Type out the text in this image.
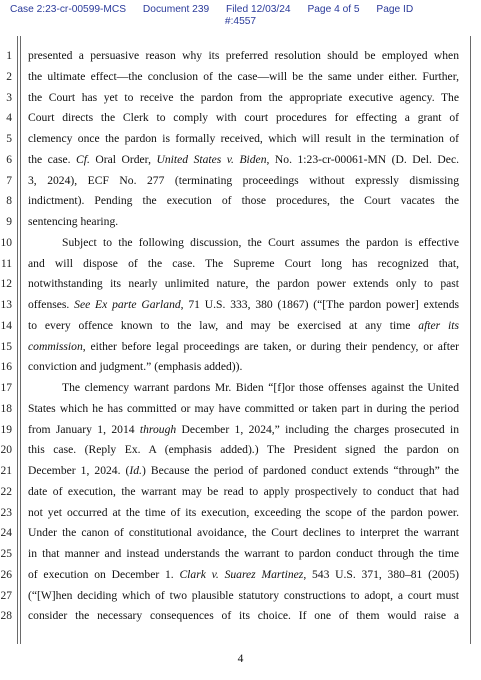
Case 2:23-cr-00599-MCS Document 239 Filed 12/03/24 Page 4 of 5 Page ID
#:4557
1
2
3
4
5
6
7
8
9
10
11
12
13
14
15
16
17
18
19
20
21
22
23
24
25
26
27
28
presented a persuasive reason why its preferred resolution should be employed when
the ultimate effect—the conclusion of the case—will be the same under either. Further,
the Court has yet to receive the pardon from the appropriate executive agency. The
Court directs the Clerk to comply with court procedures for effecting a grant of
clemency once the pardon is formally received, which will result in the termination of
the case. Cf. Oral Order, United States v. Biden, No. 1:23-cr-00061-MN (D. Del. Dec.
3, 2024), ECF No. 277 (terminating proceedings without expressly dismissing
indictment). Pending the execution of those procedures, the Court vacates the
sentencing hearing.
Subject to the following discussion, the Court assumes the pardon is effective
and will dispose of the case. The Supreme Court long has recognized that,
notwithstanding its nearly unlimited nature, the pardon power extends only to past
offenses. See Ex parte Garland, 71 U.S. 333, 380 (1867) (“[The pardon power] extends
to every offence known to the law, and may be exercised at any time after its
commission, either before legal proceedings are taken, or during their pendency, or after
conviction and judgment.” (emphasis added)).
The clemency warrant pardons Mr. Biden “[f]or those offenses against the United
States which he has committed or may have committed or taken part in during the period
from January 1, 2014 through December 1, 2024,” including the charges prosecuted in
this case. (Reply Ex. A (emphasis added).) The President signed the pardon on
December 1, 2024. (Id.) Because the period of pardoned conduct extends “through” the
date of execution, the warrant may be read to apply prospectively to conduct that had
not yet occurred at the time of its execution, exceeding the scope of the pardon power.
Under the canon of constitutional avoidance, the Court declines to interpret the warrant
in that manner and instead understands the warrant to pardon conduct through the time
of execution on December 1. Clark v. Suarez Martinez, 543 U.S. 371, 380–81 (2005)
(“[W]hen deciding which of two plausible statutory constructions to adopt, a court must
consider the necessary consequences of its choice. If one of them would raise a
4
